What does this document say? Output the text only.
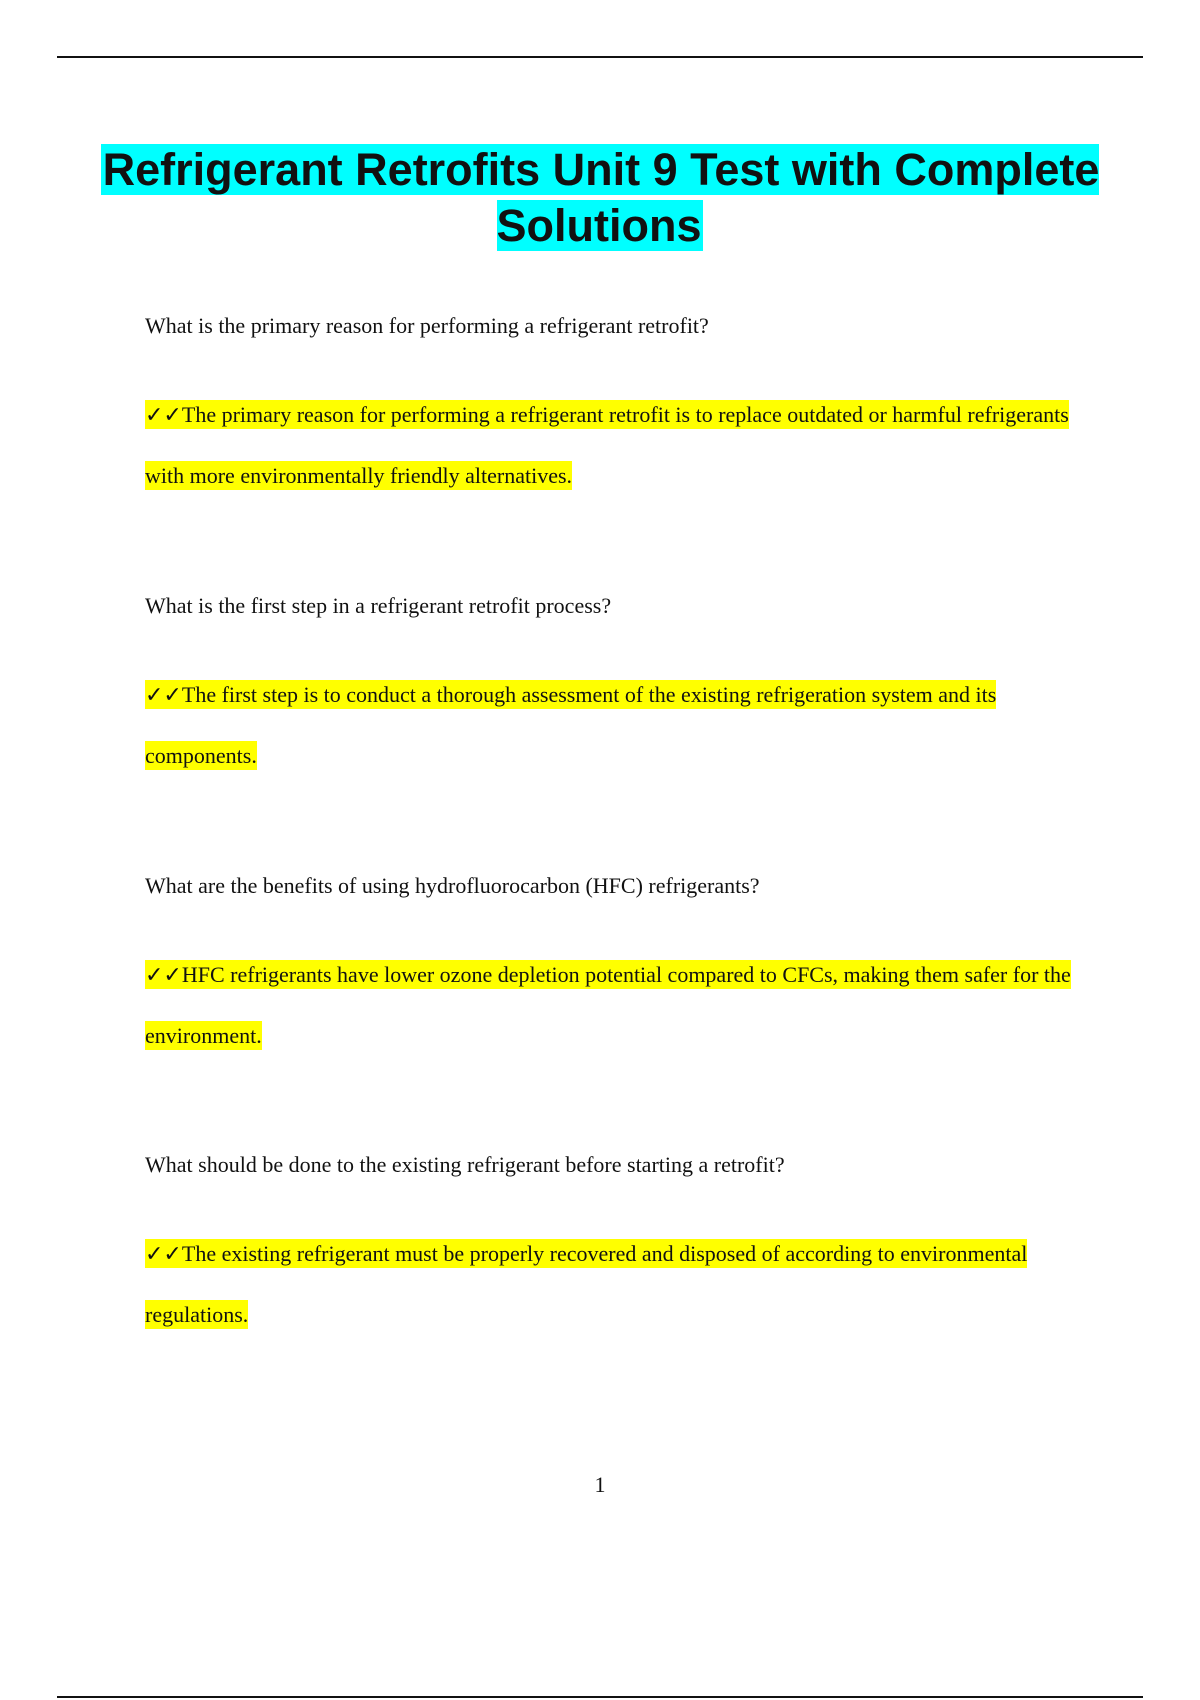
Refrigerant Retrofits Unit 9 Test with Complete Solutions

What is the primary reason for performing a refrigerant retrofit?

✓✓The primary reason for performing a refrigerant retrofit is to replace outdated or harmful refrigerants with more environmentally friendly alternatives.

What is the first step in a refrigerant retrofit process?

✓✓The first step is to conduct a thorough assessment of the existing refrigeration system and its components.

What are the benefits of using hydrofluorocarbon (HFC) refrigerants?

✓✓HFC refrigerants have lower ozone depletion potential compared to CFCs, making them safer for the environment.

What should be done to the existing refrigerant before starting a retrofit?

✓✓The existing refrigerant must be properly recovered and disposed of according to environmental regulations.

1
